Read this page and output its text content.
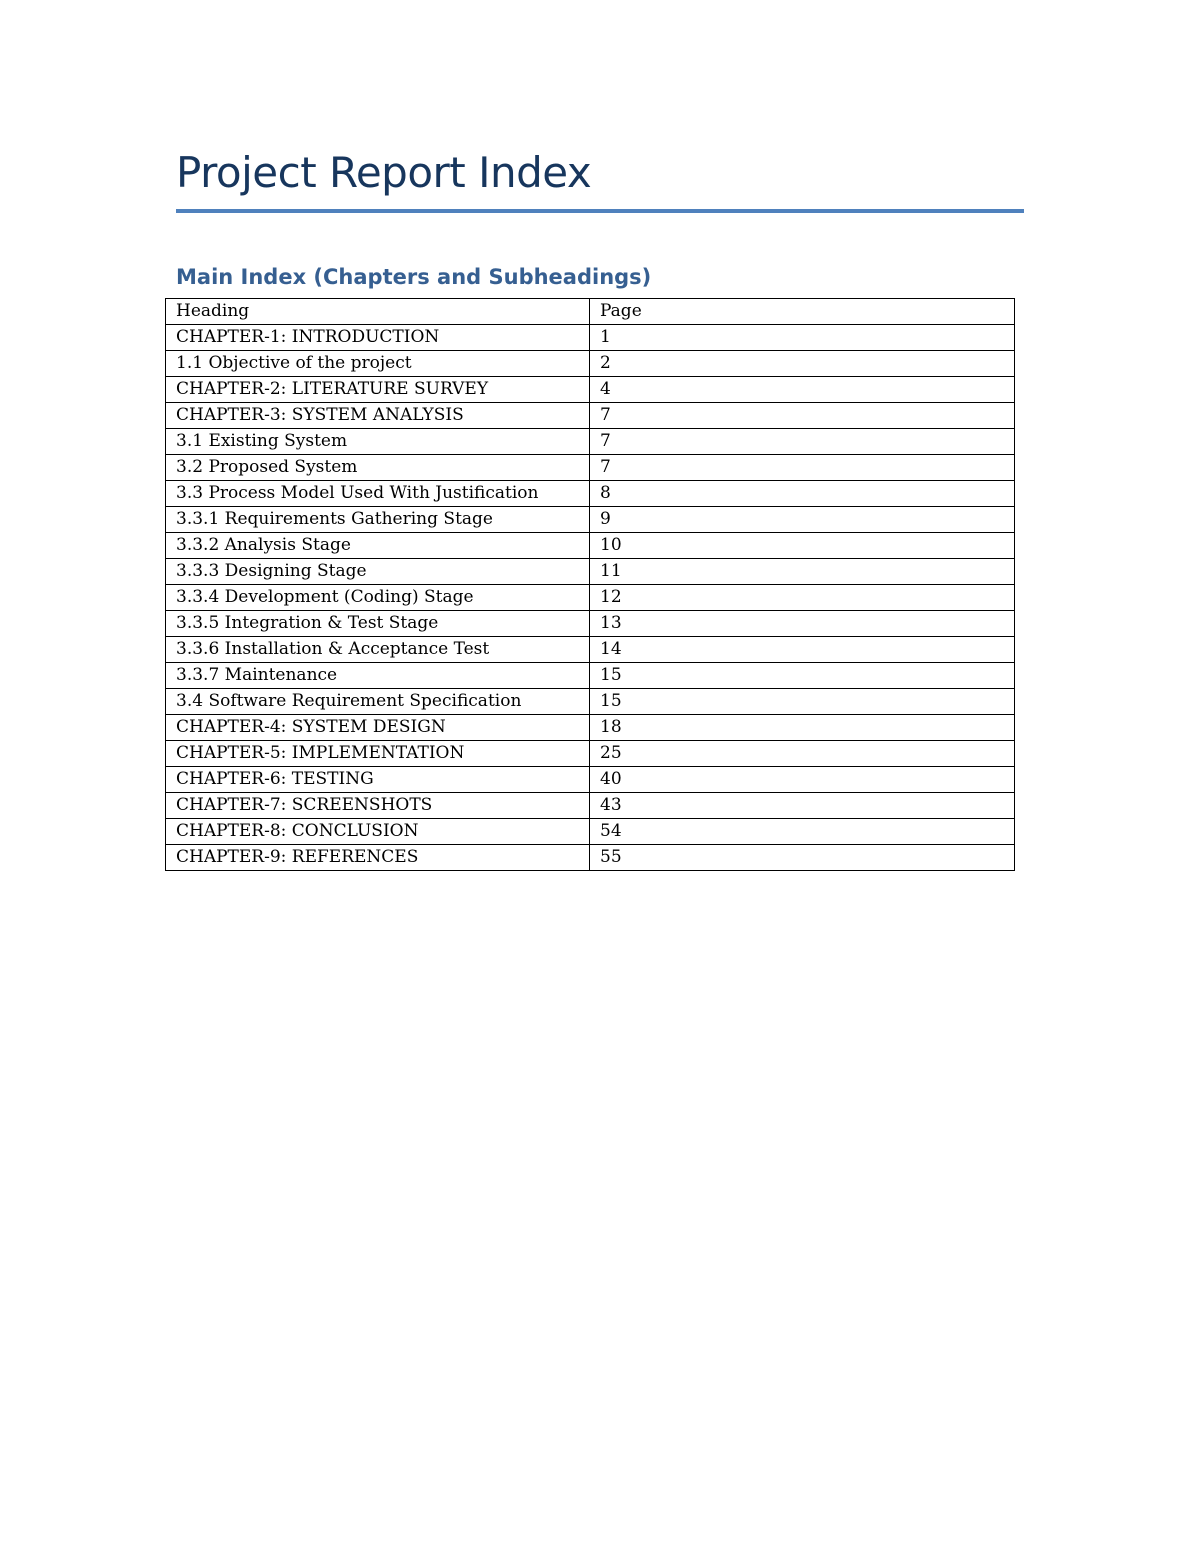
Project Report Index
Main Index (Chapters and Subheadings)
Heading	Page
CHAPTER-1: INTRODUCTION	1
1.1 Objective of the project	2
CHAPTER-2: LITERATURE SURVEY	4
CHAPTER-3: SYSTEM ANALYSIS	7
3.1 Existing System	7
3.2 Proposed System	7
3.3 Process Model Used With Justification	8
3.3.1 Requirements Gathering Stage	9
3.3.2 Analysis Stage	10
3.3.3 Designing Stage	11
3.3.4 Development (Coding) Stage	12
3.3.5 Integration & Test Stage	13
3.3.6 Installation & Acceptance Test	14
3.3.7 Maintenance	15
3.4 Software Requirement Specification	15
CHAPTER-4: SYSTEM DESIGN	18
CHAPTER-5: IMPLEMENTATION	25
CHAPTER-6: TESTING	40
CHAPTER-7: SCREENSHOTS	43
CHAPTER-8: CONCLUSION	54
CHAPTER-9: REFERENCES	55
